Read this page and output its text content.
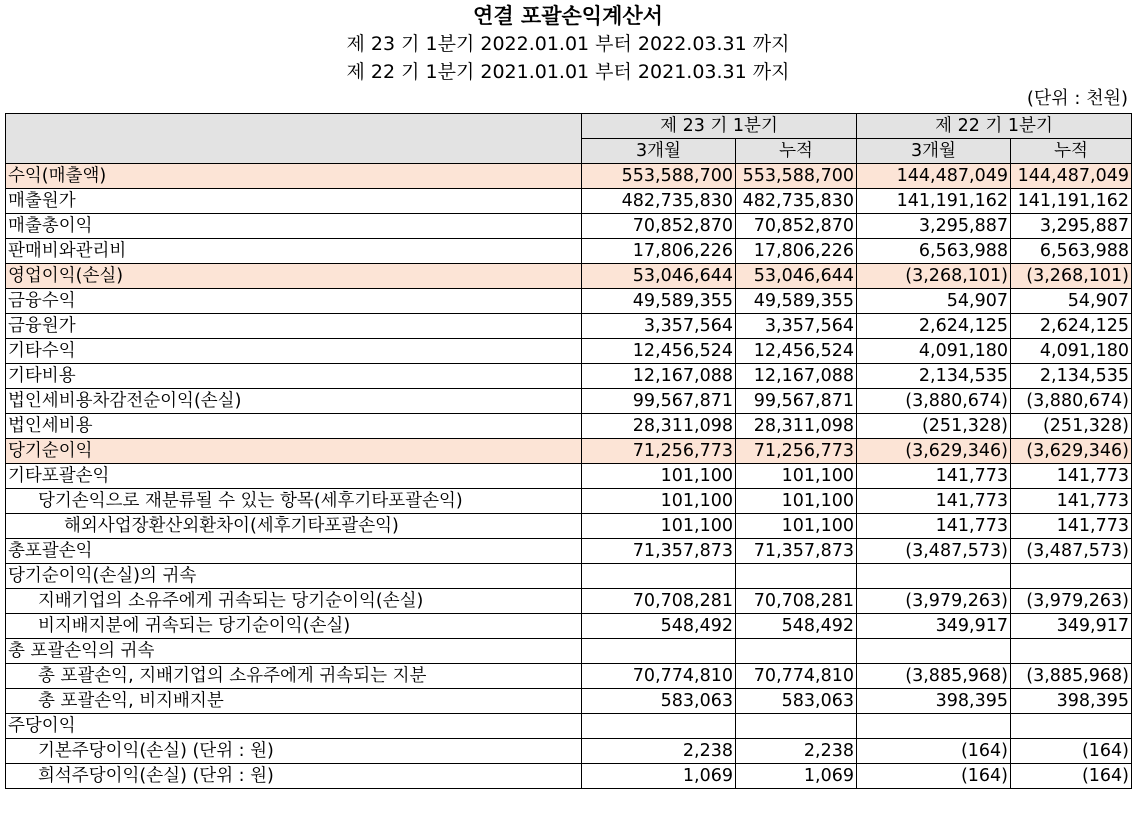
연결 포괄손익계산서
제 23 기 1분기 2022.01.01 부터 2022.03.31 까지
제 22 기 1분기 2021.01.01 부터 2021.03.31 까지
(단위 : 천원)
	제 23 기 1분기		제 22 기 1분기	
	3개월	누적	3개월	누적
수익(매출액)	553,588,700	553,588,700	144,487,049	144,487,049
매출원가	482,735,830	482,735,830	141,191,162	141,191,162
매출총이익	70,852,870	70,852,870	3,295,887	3,295,887
판매비와관리비	17,806,226	17,806,226	6,563,988	6,563,988
영업이익(손실)	53,046,644	53,046,644	(3,268,101)	(3,268,101)
금융수익	49,589,355	49,589,355	54,907	54,907
금융원가	3,357,564	3,357,564	2,624,125	2,624,125
기타수익	12,456,524	12,456,524	4,091,180	4,091,180
기타비용	12,167,088	12,167,088	2,134,535	2,134,535
법인세비용차감전순이익(손실)	99,567,871	99,567,871	(3,880,674)	(3,880,674)
법인세비용	28,311,098	28,311,098	(251,328)	(251,328)
당기순이익	71,256,773	71,256,773	(3,629,346)	(3,629,346)
기타포괄손익	101,100	101,100	141,773	141,773
당기손익으로 재분류될 수 있는 항목(세후기타포괄손익)	101,100	101,100	141,773	141,773
해외사업장환산외환차이(세후기타포괄손익)	101,100	101,100	141,773	141,773
총포괄손익	71,357,873	71,357,873	(3,487,573)	(3,487,573)
당기순이익(손실)의 귀속				
지배기업의 소유주에게 귀속되는 당기순이익(손실)	70,708,281	70,708,281	(3,979,263)	(3,979,263)
비지배지분에 귀속되는 당기순이익(손실)	548,492	548,492	349,917	349,917
총 포괄손익의 귀속				
총 포괄손익, 지배기업의 소유주에게 귀속되는 지분	70,774,810	70,774,810	(3,885,968)	(3,885,968)
총 포괄손익, 비지배지분	583,063	583,063	398,395	398,395
주당이익				
기본주당이익(손실) (단위 : 원)	2,238	2,238	(164)	(164)
희석주당이익(손실) (단위 : 원)	1,069	1,069	(164)	(164)
